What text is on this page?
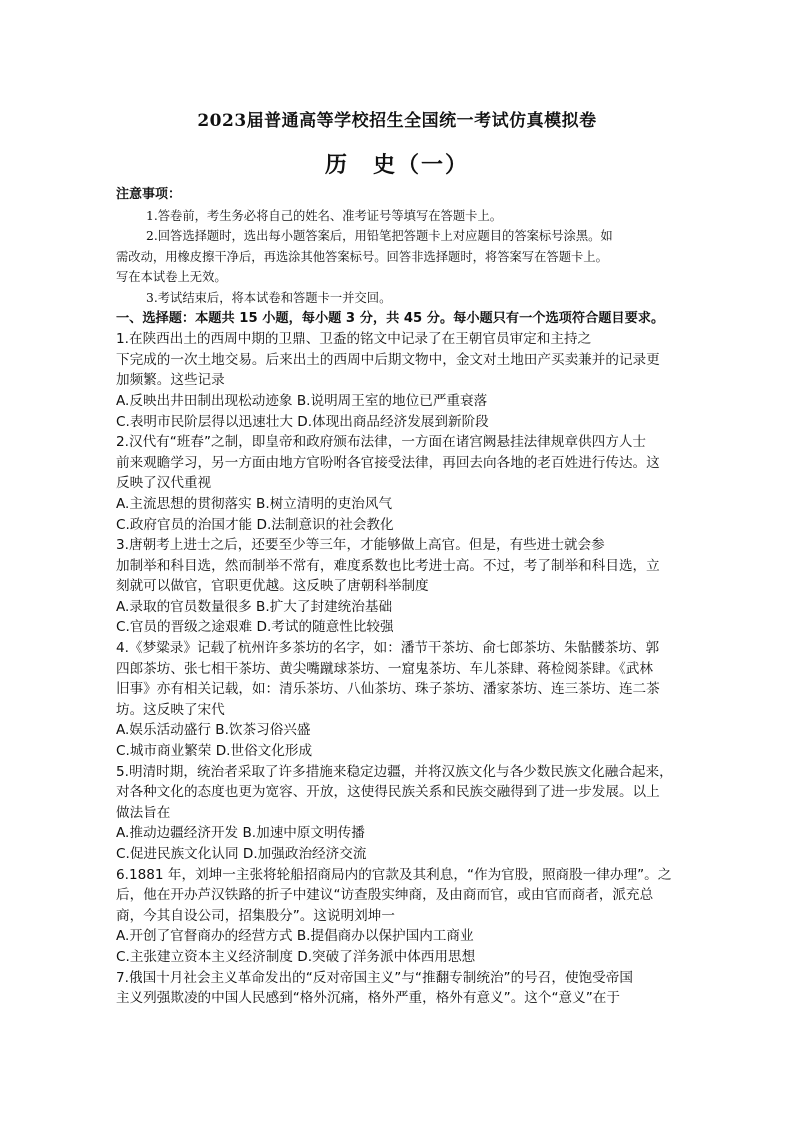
2023届普通高等学校招生全国统一考试仿真模拟卷
历　史（一）
注意事项：
1.答卷前，考生务必将自己的姓名、准考证号等填写在答题卡上。
2.回答选择题时，选出每小题答案后，用铅笔把答题卡上对应题目的答案标号涂黑。如
需改动，用橡皮擦干净后，再选涂其他答案标号。回答非选择题时，将答案写在答题卡上。
写在本试卷上无效。
3.考试结束后，将本试卷和答题卡一并交回。
一、选择题：本题共 15 小题，每小题 3 分，共 45 分。每小题只有一个选项符合题目要求。
1.在陕西出土的西周中期的卫鼎、卫盉的铭文中记录了在王朝官员审定和主持之
下完成的一次土地交易。后来出土的西周中后期文物中，金文对土地田产买卖兼并的记录更
加频繁。这些记录
A.反映出井田制出现松动迹象 B.说明周王室的地位已严重衰落
C.表明市民阶层得以迅速壮大 D.体现出商品经济发展到新阶段
2.汉代有“班春”之制，即皇帝和政府颁布法律，一方面在诸宫阙悬挂法律规章供四方人士
前来观瞻学习，另一方面由地方官吩咐各官接受法律，再回去向各地的老百姓进行传达。这
反映了汉代重视
A.主流思想的贯彻落实 B.树立清明的吏治风气
C.政府官员的治国才能 D.法制意识的社会教化
3.唐朝考上进士之后，还要至少等三年，才能够做上高官。但是，有些进士就会参
加制举和科目选，然而制举不常有，难度系数也比考进士高。不过，考了制举和科目选，立
刻就可以做官，官职更优越。这反映了唐朝科举制度
A.录取的官员数量很多 B.扩大了封建统治基础
C.官员的晋级之途艰难 D.考试的随意性比较强
4.《梦粱录》记载了杭州许多茶坊的名字，如：潘节干茶坊、俞七郎茶坊、朱骷髅茶坊、郭
四郎茶坊、张七相干茶坊、黄尖嘴蹴球茶坊、一窟鬼茶坊、车儿茶肆、蒋检阅茶肆。《武林
旧事》亦有相关记载，如：清乐茶坊、八仙茶坊、珠子茶坊、潘家茶坊、连三茶坊、连二茶
坊。这反映了宋代
A.娱乐活动盛行 B.饮茶习俗兴盛
C.城市商业繁荣 D.世俗文化形成
5.明清时期，统治者采取了许多措施来稳定边疆，并将汉族文化与各少数民族文化融合起来，
对各种文化的态度也更为宽容、开放，这使得民族关系和民族交融得到了进一步发展。以上
做法旨在
A.推动边疆经济开发 B.加速中原文明传播
C.促进民族文化认同 D.加强政治经济交流
6.1881 年，刘坤一主张将轮船招商局内的官款及其利息，“作为官股，照商股一律办理”。之
后，他在开办芦汉铁路的折子中建议“访查殷实绅商，及由商而官，或由官而商者，派充总
商，今其自设公司，招集股分”。这说明刘坤一
A.开创了官督商办的经营方式 B.提倡商办以保护国内工商业
C.主张建立资本主义经济制度 D.突破了洋务派中体西用思想
7.俄国十月社会主义革命发出的“反对帝国主义”与“推翻专制统治”的号召，使饱受帝国
主义列强欺凌的中国人民感到“格外沉痛，格外严重，格外有意义”。这个“意义”在于
